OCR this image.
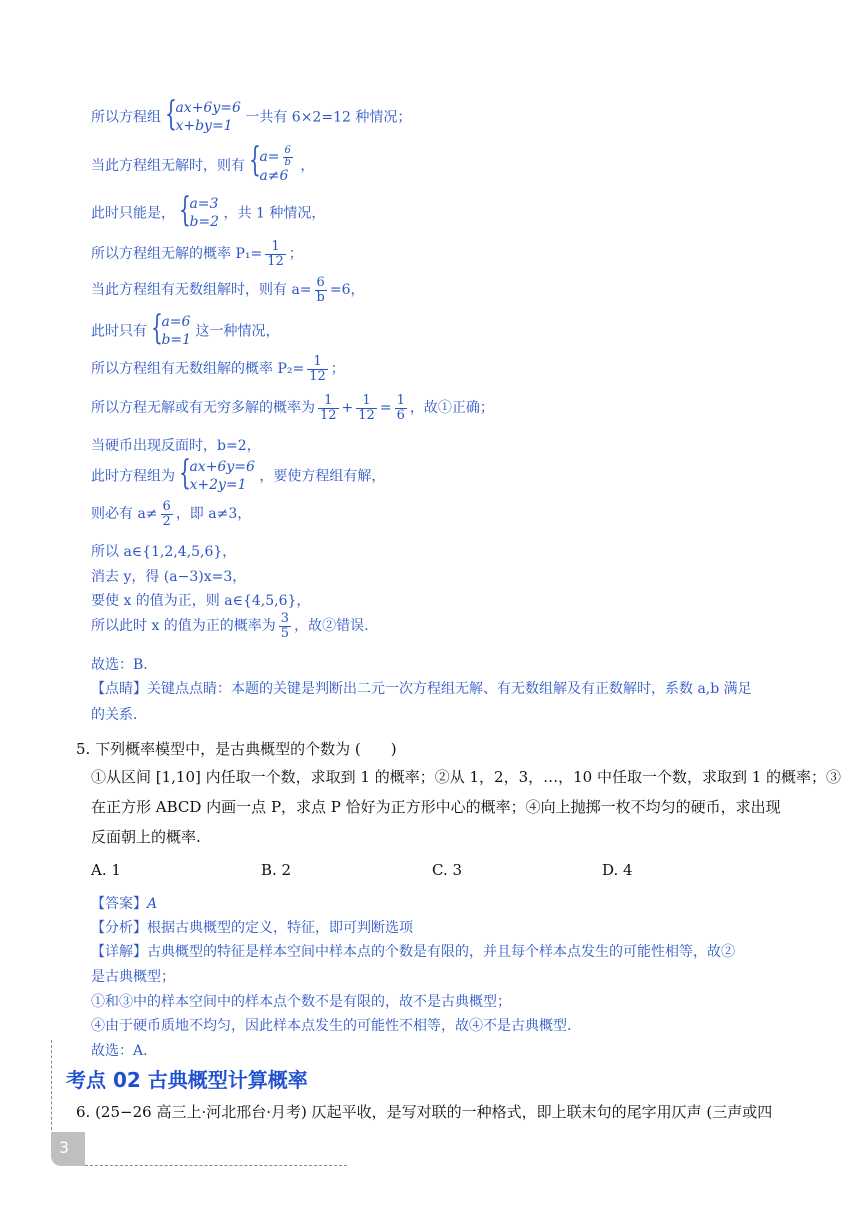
所以方程组 {
ax+6y=6
x+by=1 一共有 6×2=12 种情况；
当此方程组无解时，则有 {
$a= \frac{6}{b}$
a≠6
，
此时只能是， {
a=3
b=2 ，共 1 种情况，
所以方程组无解的概率 $P_1= \frac{1}{12}$ ；
当此方程组有无数组解时，则有 $a= \frac{6}{b} =6$，
此时只有 {
a=6
b=1 这一种情况，
所以方程组有无数组解的概率 $P_2= \frac{1}{12}$ ；
所以方程无解或有无穷多解的概率为 $\frac{1}{12} + \frac{1}{12} = \frac{1}{6}$ ，故①正确；
当硬币出现反面时，b=2，
此时方程组为 {
ax+6y=6
x+2y=1 ，要使方程组有解，
则必有 $a\ne \frac{6}{2}$ ，即 a≠3，
所以 a∈{1,2,4,5,6}，
消去 y，得 (a−3)x=3，
要使 x 的值为正，则 a∈{4,5,6}，
所以此时 x 的值为正的概率为 $\frac{3}{5}$ ，故②错误.
故选：B.
【点睛】关键点点睛：本题的关键是判断出二元一次方程组无解、有无数组解及有正数解时，系数 a,b 满足
的关系.
5. 下列概率模型中，是古典概型的个数为 (　　)
①从区间 [1,10] 内任取一个数，求取到 1 的概率；②从 1，2，3，…，10 中任取一个数，求取到 1 的概率；③
在正方形 ABCD 内画一点 P，求点 P 恰好为正方形中心的概率；④向上抛掷一枚不均匀的硬币，求出现
反面朝上的概率.
A. 1	B. 2	C. 3	D. 4
【答案】A
【分析】根据古典概型的定义，特征，即可判断选项
【详解】古典概型的特征是样本空间中样本点的个数是有限的，并且每个样本点发生的可能性相等，故②
是古典概型；
①和③中的样本空间中的样本点个数不是有限的，故不是古典概型；
④由于硬币质地不均匀，因此样本点发生的可能性不相等，故④不是古典概型.
故选：A.
考点 02 古典概型计算概率
6. (25−26 高三上·河北邢台·月考) 仄起平收，是写对联的一种格式，即上联末句的尾字用仄声 (三声或四
3
